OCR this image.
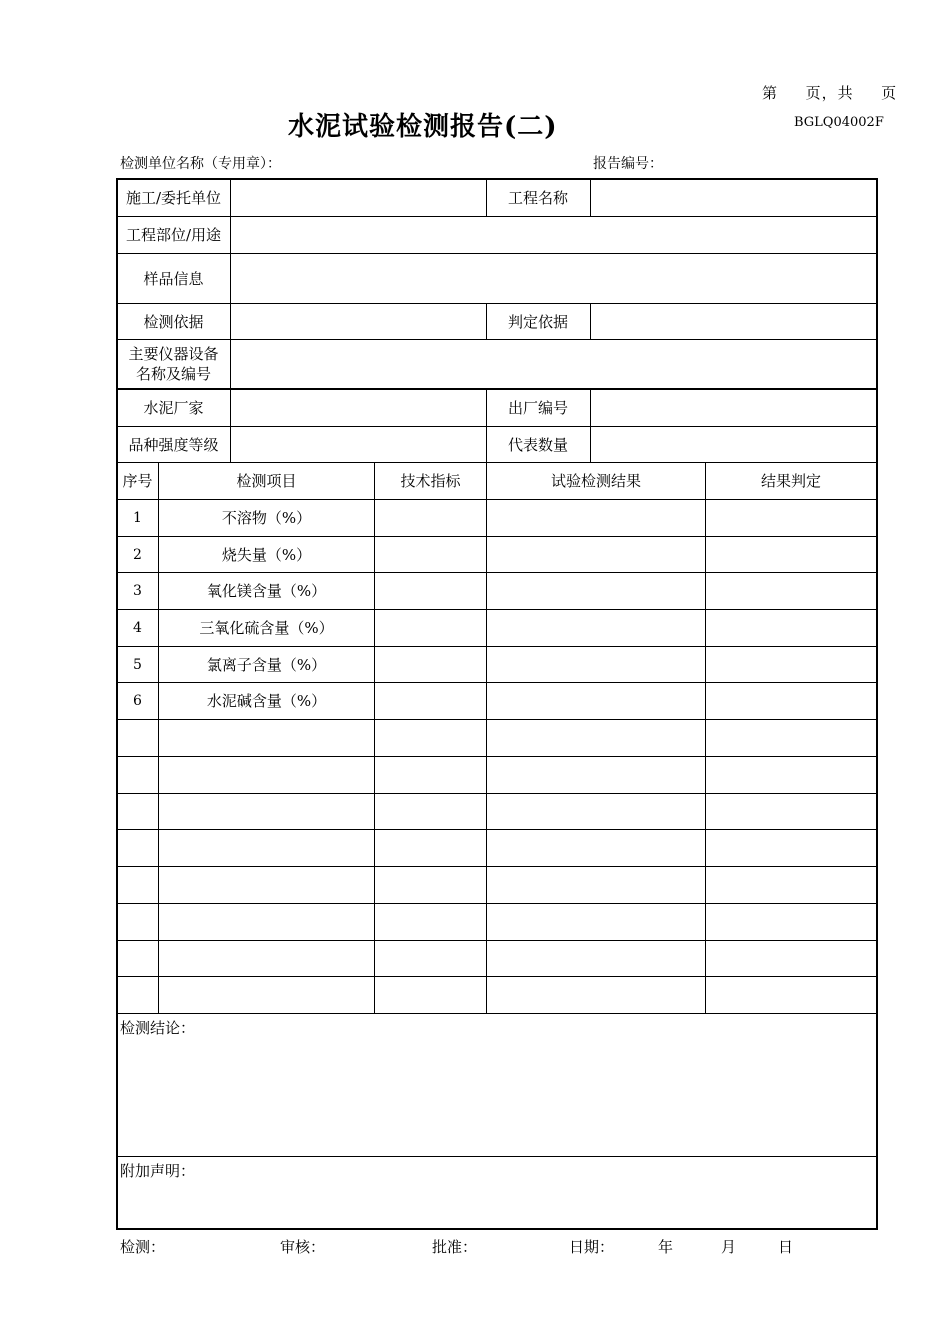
第 页，共 页
水泥试验检测报告(二)	BGLQ04002F
检测单位名称（专用章）：	报告编号：
施工/委托单位	工程名称
工程部位/用途
样品信息
检测依据	判定依据
主要仪器设备
名称及编号
水泥厂家	出厂编号
品种强度等级	代表数量
序号	检测项目	技术指标	试验检测结果	结果判定
1	不溶物（%）
2	烧失量（%）
3	氧化镁含量（%）
4	三氧化硫含量（%）
5	氯离子含量（%）
6	水泥碱含量（%）
检测结论：
附加声明：
检测：	审核：	批准：	日期：	年	月	日
